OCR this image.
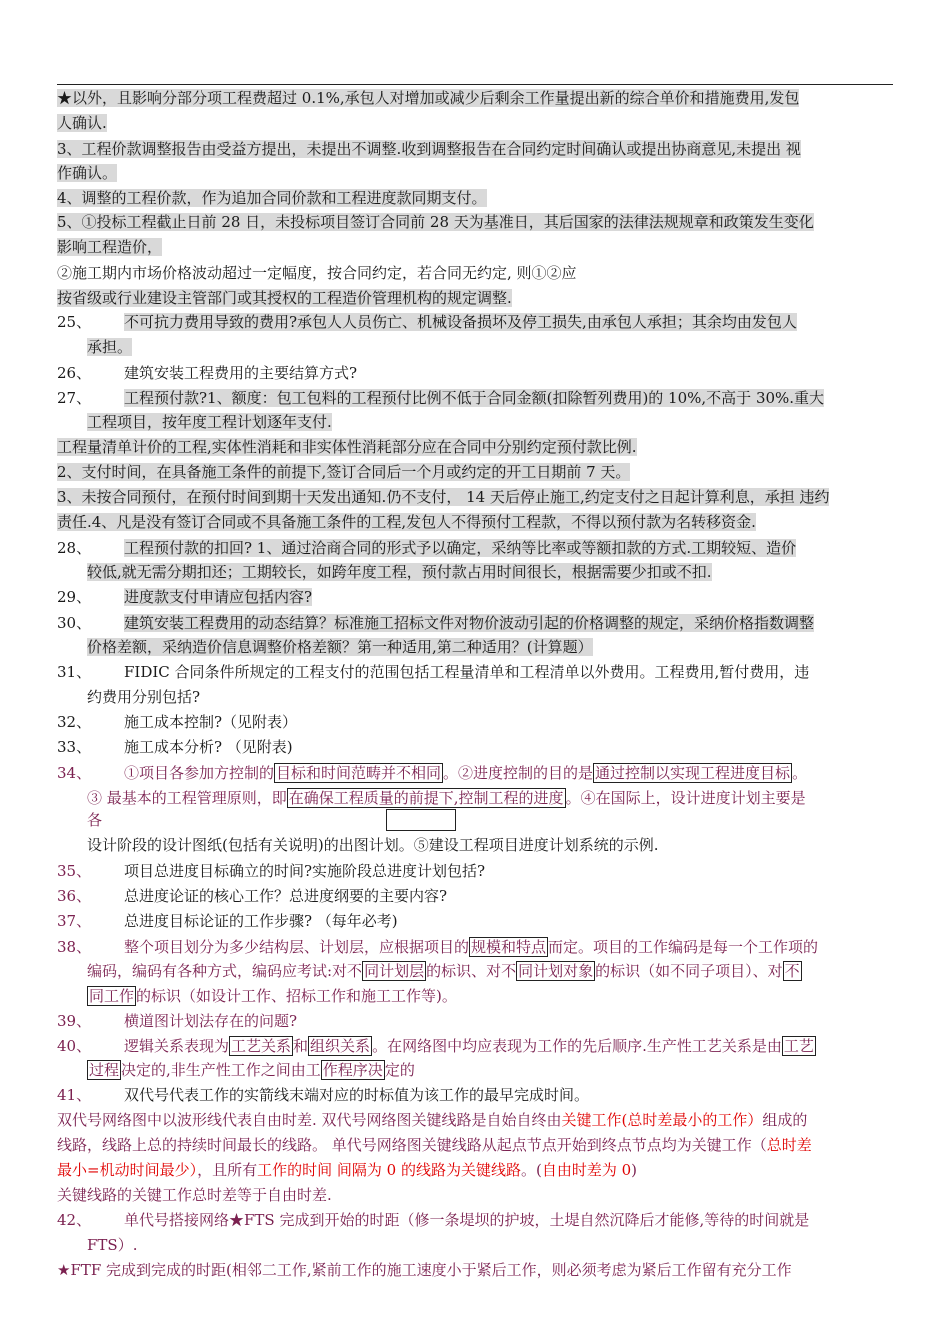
★以外，且影响分部分项工程费超过 0.1%,承包人对增加或减少后剩余工作量提出新的综合单价和措施费用,发包
人确认.
3、工程价款调整报告由受益方提出，未提出不调整.收到调整报告在合同约定时间确认或提出协商意见,未提出 视
作确认。
4、调整的工程价款，作为追加合同价款和工程进度款同期支付。
5、①投标工程截止日前 28 日，未投标项目签订合同前 28 天为基准日，其后国家的法律法规规章和政策发生变化
影响工程造价，
②施工期内市场价格波动超过一定幅度，按合同约定，若合同无约定, 则①②应
按省级或行业建设主管部门或其授权的工程造价管理机构的规定调整.
25、 不可抗力费用导致的费用?承包人人员伤亡、机械设备损坏及停工损失,由承包人承担；其余均由发包人
承担。
26、 建筑安装工程费用的主要结算方式?
27、 工程预付款?1、额度：包工包料的工程预付比例不低于合同金额(扣除暂列费用)的 10%,不高于 30%.重大
工程项目，按年度工程计划逐年支付.
工程量清单计价的工程,实体性消耗和非实体性消耗部分应在合同中分别约定预付款比例.
2、支付时间，在具备施工条件的前提下,签订合同后一个月或约定的开工日期前 7 天。
3、未按合同预付，在预付时间到期十天发出通知.仍不支付， 14 天后停止施工,约定支付之日起计算利息，承担 违约
责任.4、凡是没有签订合同或不具备施工条件的工程,发包人不得预付工程款，不得以预付款为名转移资金.
28、 工程预付款的扣回? 1、通过洽商合同的形式予以确定，采纳等比率或等额扣款的方式.工期较短、造价
较低,就无需分期扣还；工期较长，如跨年度工程，预付款占用时间很长，根据需要少扣或不扣.
29、 进度款支付申请应包括内容?
30、 建筑安装工程费用的动态结算？标准施工招标文件对物价波动引起的价格调整的规定，采纳价格指数调整
价格差额，采纳造价信息调整价格差额？第一种适用,第二种适用？(计算题）
31、 FIDIC 合同条件所规定的工程支付的范围包括工程量清单和工程清单以外费用。工程费用,暂付费用，违
约费用分别包括?
32、 施工成本控制?（见附表）
33、 施工成本分析? （见附表)
34、 ①项目各参加方控制的 目标和时间范畴并不相同 。②进度控制的目的是 通过控制以实现工程进度目标 。
③ 最基本的工程管理原则，即 在确保工程质量的前提下,控制工程的进度 。④在国际上，设计进度计划主要是
各
设计阶段的设计图纸(包括有关说明)的出图计划。⑤建设工程项目进度计划系统的示例.
35、 项目总进度目标确立的时间?实施阶段总进度计划包括?
36、 总进度论证的核心工作？总进度纲要的主要内容?
37、 总进度目标论证的工作步骤? （每年必考)
38、 整个项目划分为多少结构层、计划层，应根据项目的 规模和特点 而定。项目的工作编码是每一个工作项的
编码，编码有各种方式，编码应考试:对不 同计划层 的标识、对不 同计划对象 的标识（如不同子项目）、对 不
同工作 的标识（如设计工作、招标工作和施工工作等)。
39、 横道图计划法存在的问题?
40、 逻辑关系表现为 工艺关系 和 组织关系 。在网络图中均应表现为工作的先后顺序.生产性工艺关系是由 工艺
过程 决定的,非生产性工作之间由工 作程序决 定的
41、 双代号代表工作的实箭线末端对应的时标值为该工作的最早完成时间。
双代号网络图中以波形线代表自由时差. 双代号网络图关键线路是自始自终由关键工作(总时差最小的工作）组成的
线路，线路上总的持续时间最长的线路。 单代号网络图关键线路从起点节点开始到终点节点均为关键工作（总时差
最小=机动时间最少），且所有工作的时间 间隔为 0 的线路为关键线路。(自由时差为 0)
关键线路的关键工作总时差等于自由时差.
42、 单代号搭接网络★FTS 完成到开始的时距（修一条堤坝的护坡，土堤自然沉降后才能修,等待的时间就是
FTS）.
★FTF 完成到完成的时距(相邻二工作,紧前工作的施工速度小于紧后工作，则必须考虑为紧后工作留有充分工作
